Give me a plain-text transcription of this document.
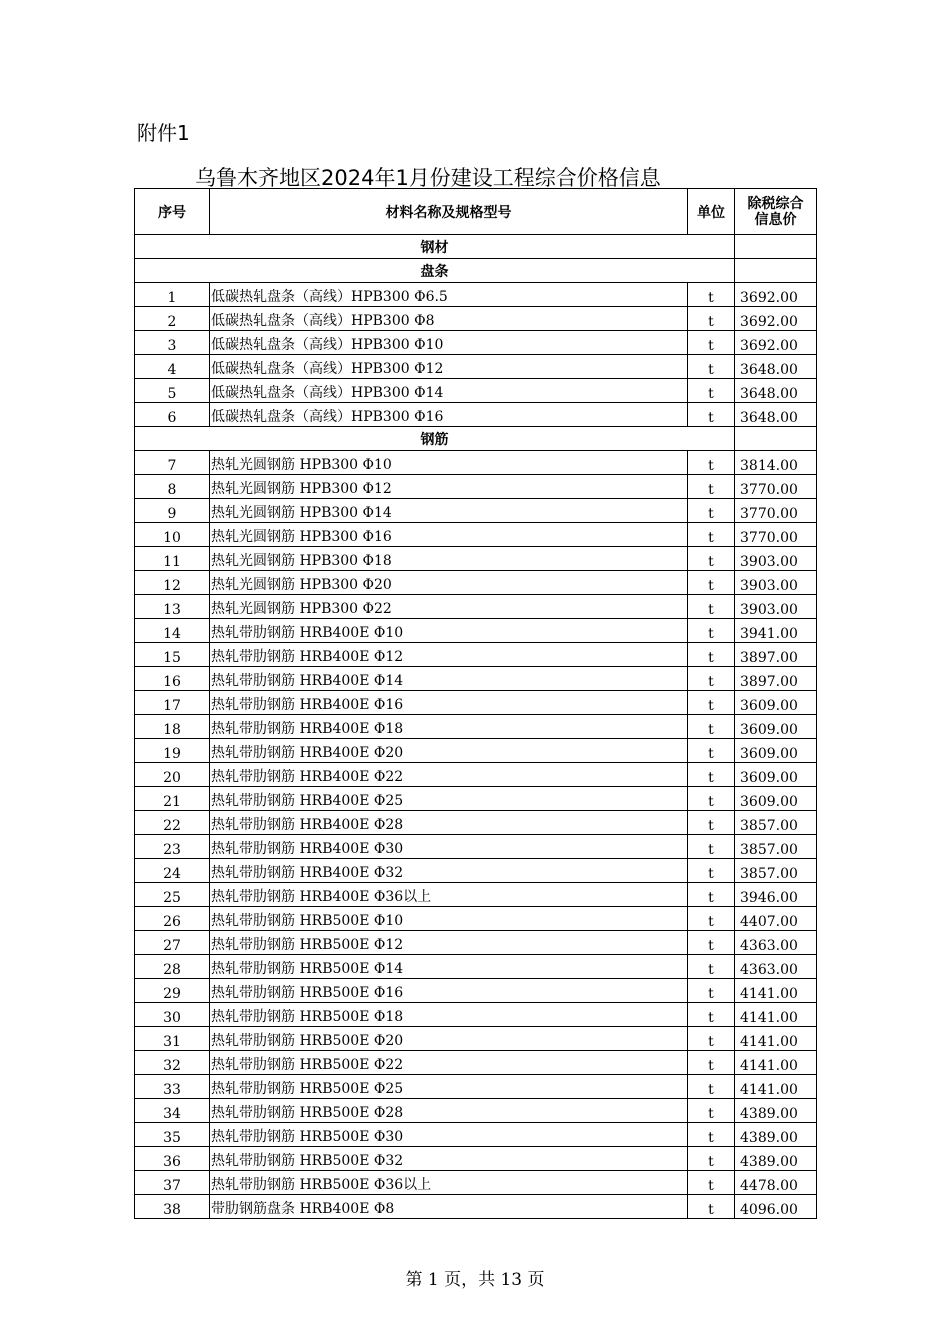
附件1
乌鲁木齐地区2024年1月份建设工程综合价格信息
序号	材料名称及规格型号	单位	除税综合
信息价
钢材			
盘条			
1	低碳热轧盘条（高线）HPB300 Φ6.5	t	3692.00
2	低碳热轧盘条（高线）HPB300 Φ8	t	3692.00
3	低碳热轧盘条（高线）HPB300 Φ10	t	3692.00
4	低碳热轧盘条（高线）HPB300 Φ12	t	3648.00
5	低碳热轧盘条（高线）HPB300 Φ14	t	3648.00
6	低碳热轧盘条（高线）HPB300 Φ16	t	3648.00
钢筋			
7	热轧光圆钢筋 HPB300 Φ10	t	3814.00
8	热轧光圆钢筋 HPB300 Φ12	t	3770.00
9	热轧光圆钢筋 HPB300 Φ14	t	3770.00
10	热轧光圆钢筋 HPB300 Φ16	t	3770.00
11	热轧光圆钢筋 HPB300 Φ18	t	3903.00
12	热轧光圆钢筋 HPB300 Φ20	t	3903.00
13	热轧光圆钢筋 HPB300 Φ22	t	3903.00
14	热轧带肋钢筋 HRB400E Φ10	t	3941.00
15	热轧带肋钢筋 HRB400E Φ12	t	3897.00
16	热轧带肋钢筋 HRB400E Φ14	t	3897.00
17	热轧带肋钢筋 HRB400E Φ16	t	3609.00
18	热轧带肋钢筋 HRB400E Φ18	t	3609.00
19	热轧带肋钢筋 HRB400E Φ20	t	3609.00
20	热轧带肋钢筋 HRB400E Φ22	t	3609.00
21	热轧带肋钢筋 HRB400E Φ25	t	3609.00
22	热轧带肋钢筋 HRB400E Φ28	t	3857.00
23	热轧带肋钢筋 HRB400E Φ30	t	3857.00
24	热轧带肋钢筋 HRB400E Φ32	t	3857.00
25	热轧带肋钢筋 HRB400E Φ36以上	t	3946.00
26	热轧带肋钢筋 HRB500E Φ10	t	4407.00
27	热轧带肋钢筋 HRB500E Φ12	t	4363.00
28	热轧带肋钢筋 HRB500E Φ14	t	4363.00
29	热轧带肋钢筋 HRB500E Φ16	t	4141.00
30	热轧带肋钢筋 HRB500E Φ18	t	4141.00
31	热轧带肋钢筋 HRB500E Φ20	t	4141.00
32	热轧带肋钢筋 HRB500E Φ22	t	4141.00
33	热轧带肋钢筋 HRB500E Φ25	t	4141.00
34	热轧带肋钢筋 HRB500E Φ28	t	4389.00
35	热轧带肋钢筋 HRB500E Φ30	t	4389.00
36	热轧带肋钢筋 HRB500E Φ32	t	4389.00
37	热轧带肋钢筋 HRB500E Φ36以上	t	4478.00
38	带肋钢筋盘条 HRB400E Φ8	t	4096.00
第 1 页，共 13 页
